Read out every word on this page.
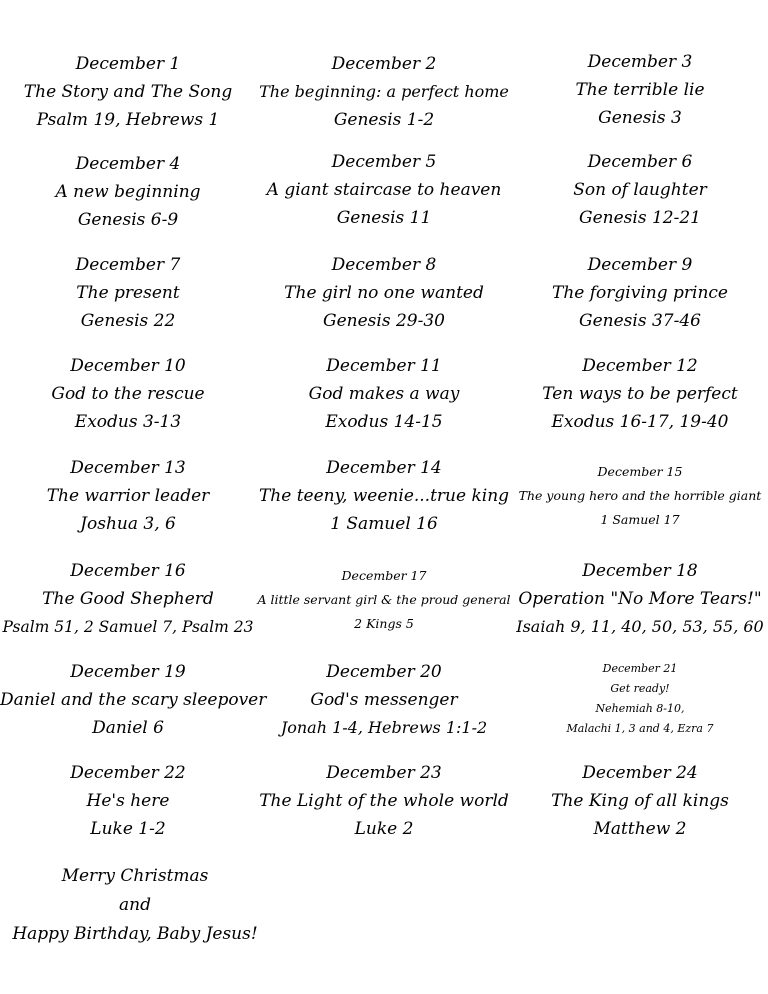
December 1
The Story and The Song
Psalm 19, Hebrews 1
December 2
The beginning: a perfect home
Genesis 1-2
December 3
The terrible lie
Genesis 3
December 4
A new beginning
Genesis 6-9
December 5
A giant staircase to heaven
Genesis 11
December 6
Son of laughter
Genesis 12-21
December 7
The present
Genesis 22
December 8
The girl no one wanted
Genesis 29-30
December 9
The forgiving prince
Genesis 37-46
December 10
God to the rescue
Exodus 3-13
December 11
God makes a way
Exodus 14-15
December 12
Ten ways to be perfect
Exodus 16-17, 19-40
December 13
The warrior leader
Joshua 3, 6
December 14
The teeny, weenie...true king
1 Samuel 16
December 15
The young hero and the horrible giant
1 Samuel 17
December 16
The Good Shepherd
Psalm 51, 2 Samuel 7, Psalm 23
December 17
A little servant girl & the proud general
2 Kings 5
December 18
Operation "No More Tears!"
Isaiah 9, 11, 40, 50, 53, 55, 60
December 19
Daniel and the scary sleepover
Daniel 6
December 20
God's messenger
Jonah 1-4, Hebrews 1:1-2
December 21
Get ready!
Nehemiah 8-10,
Malachi 1, 3 and 4, Ezra 7
December 22
He's here
Luke 1-2
December 23
The Light of the whole world
Luke 2
December 24
The King of all kings
Matthew 2
Merry Christmas
and
Happy Birthday, Baby Jesus!
